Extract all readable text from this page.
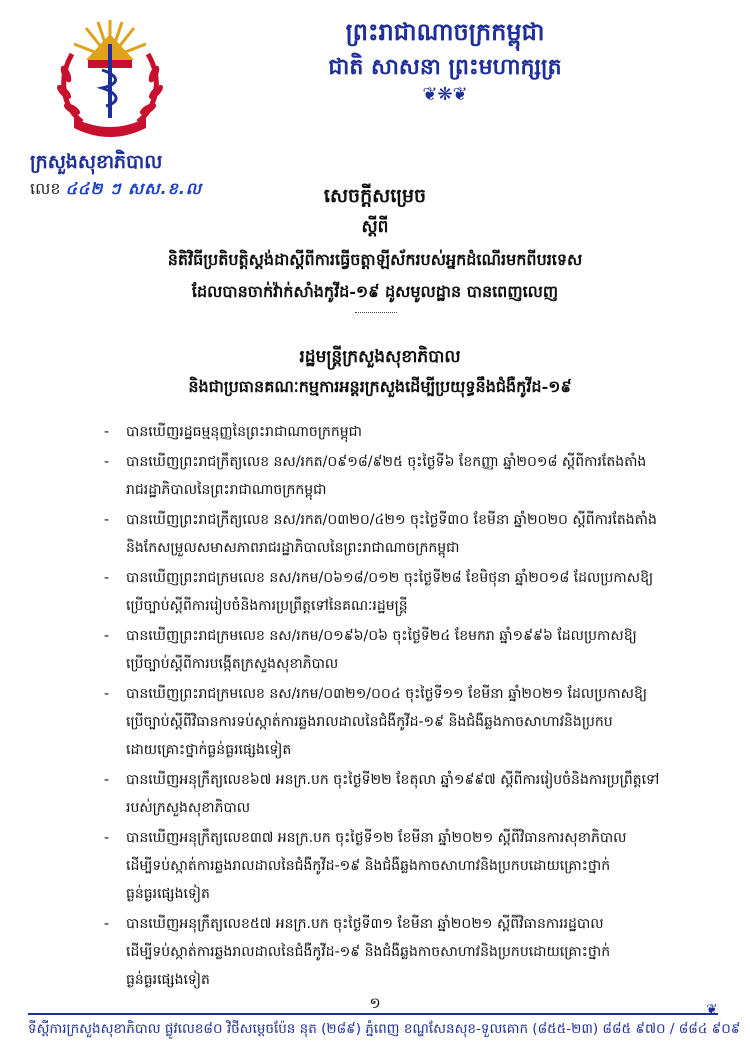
ព្រះរាជាណាចក្រកម្ពុជា
ជាតិ សាសនា ព្រះមហាក្សត្រ
❦❋❦
ក្រសួងសុខាភិបាល
លេខ ៤៤២ ៗ សស.ខ.ល	សេចក្ដីសម្រេច
ស្ដីពី
និតិវិធីប្រតិបត្តិស្ដង់ដាស្ដីពីការធ្វើចត្តាឡីស័ករបស់អ្នកដំណើរមកពីបរទេស
ដែលបានចាក់វ៉ាក់សាំងកូវីដ-១៩ ដូសមូលដ្ឋាន បានពេញលេញ
រដ្ឋមន្ត្រីក្រសួងសុខាភិបាល
និងជាប្រធានគណៈកម្មការអន្តរក្រសួងដើម្បីប្រយុទ្ធនឹងជំងឺកូវីដ-១៩
- បានឃើញរដ្ឋធម្មនុញ្ញនៃព្រះរាជាណាចក្រកម្ពុជា
- បានឃើញព្រះរាជក្រឹត្យលេខ នស/រកត/០៩១៨/៩២៥ ចុះថ្ងៃទី៦ ខែកញ្ញា ឆ្នាំ២០១៨ ស្ដីពីការតែងតាំង
រាជរដ្ឋាភិបាលនៃព្រះរាជាណាចក្រកម្ពុជា
- បានឃើញព្រះរាជក្រឹត្យលេខ នស/រកត/០៣២០/៤២១ ចុះថ្ងៃទី៣០ ខែមីនា ឆ្នាំ២០២០ ស្ដីពីការតែងតាំង
និងកែសម្រួលសមាសភាពរាជរដ្ឋាភិបាលនៃព្រះរាជាណាចក្រកម្ពុជា
- បានឃើញព្រះរាជក្រមលេខ នស/រកម/០៦១៨/០១២ ចុះថ្ងៃទី២៨ ខែមិថុនា ឆ្នាំ២០១៨ ដែលប្រកាសឱ្យ
ប្រើច្បាប់ស្ដីពីការរៀបចំនិងការប្រព្រឹត្តទៅនៃគណៈរដ្ឋមន្ត្រី
- បានឃើញព្រះរាជក្រមលេខ នស/រកម/០១៩៦/០៦ ចុះថ្ងៃទី២៤ ខែមករា ឆ្នាំ១៩៩៦ ដែលប្រកាសឱ្យ
ប្រើច្បាប់ស្ដីពីការបង្កើតក្រសួងសុខាភិបាល
- បានឃើញព្រះរាជក្រមលេខ នស/រកម/០៣២១/០០៤ ចុះថ្ងៃទី១១ ខែមីនា ឆ្នាំ២០២១ ដែលប្រកាសឱ្យ
ប្រើច្បាប់ស្ដីពីវិធានការទប់ស្កាត់ការឆ្លងរាលដាលនៃជំងឺកូវីដ-១៩ និងជំងឺឆ្លងកាចសាហាវនិងប្រកប
ដោយគ្រោះថ្នាក់ធ្ងន់ធ្ងរផ្សេងទៀត
- បានឃើញអនុក្រឹត្យលេខ៦៧ អនក្រ.បក ចុះថ្ងៃទី២២ ខែតុលា ឆ្នាំ១៩៩៧ ស្ដីពីការរៀបចំនិងការប្រព្រឹត្តទៅ
របស់ក្រសួងសុខាភិបាល
- បានឃើញអនុក្រឹត្យលេខ៣៧ អនក្រ.បក ចុះថ្ងៃទី១២ ខែមីនា ឆ្នាំ២០២១ ស្ដីពីវិធានការសុខាភិបាល
ដើម្បីទប់ស្កាត់ការឆ្លងរាលដាលនៃជំងឺកូវីដ-១៩ និងជំងឺឆ្លងកាចសាហាវនិងប្រកបដោយគ្រោះថ្នាក់
ធ្ងន់ធ្ងរផ្សេងទៀត
- បានឃើញអនុក្រឹត្យលេខ៥៧ អនក្រ.បក ចុះថ្ងៃទី៣១ ខែមីនា ឆ្នាំ២០២១ ស្ដីពីវិធានការរដ្ឋបាល
ដើម្បីទប់ស្កាត់ការឆ្លងរាលដាលនៃជំងឺកូវីដ-១៩ និងជំងឺឆ្លងកាចសាហាវនិងប្រកបដោយគ្រោះថ្នាក់
ធ្ងន់ធ្ងរផ្សេងទៀត
១	❦
ទីស្ដីការក្រសួងសុខាភិបាល ផ្លូវលេខ៨០ វិថីសម្ដេចប៉ែន នុត (២៨៩) ភ្នំពេញ ខណ្ឌសែនសុខ-ទួលគោក (៨៥៥-២៣) ៨៨៥ ៩៧០ / ៨៨៤ ៩០៩
